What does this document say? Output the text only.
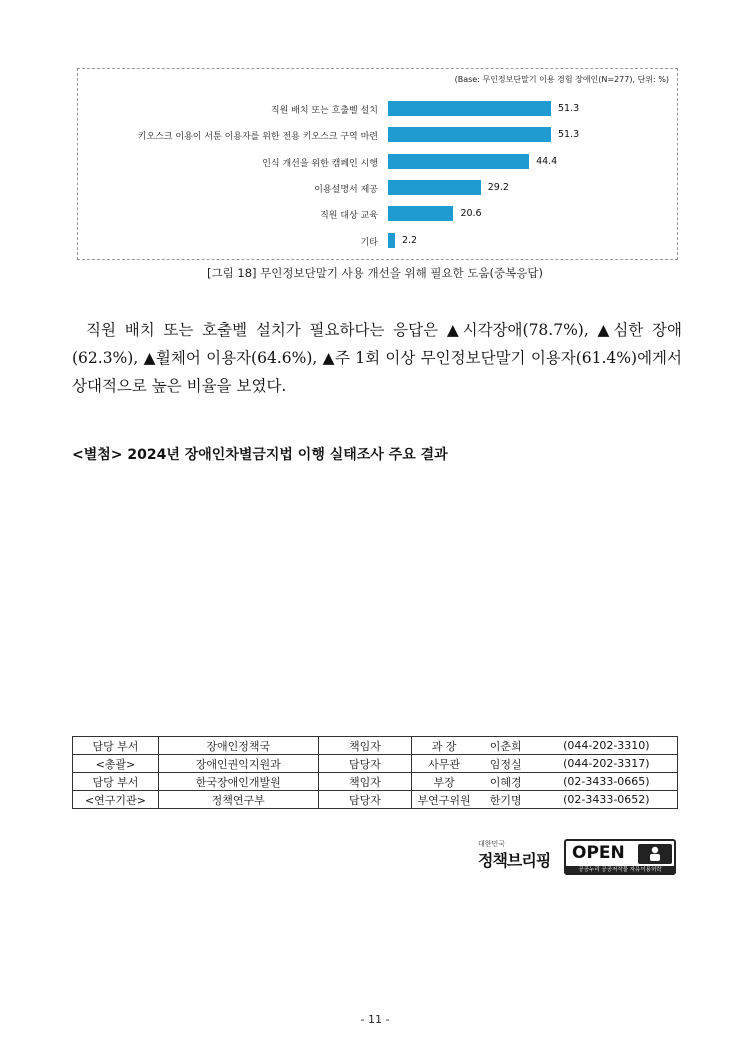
(Base: 무인정보단말기 이용 경험 장애인(N=277), 단위: %)
직원 배치 또는 호출벨 설치	51.3
키오스크 이용이 서툰 이용자를 위한 전용 키오스크 구역 마련	51.3
인식 개선을 위한 캠페인 시행	44.4
이용설명서 제공	29.2
직원 대상 교육	20.6
기타	2.2
[그림 18] 무인정보단말기 사용 개선을 위해 필요한 도움(중복응답)

직원 배치 또는 호출벨 설치가 필요하다는 응답은 ▲시각장애(78.7%), ▲심한 장애(62.3%), ▲휠체어 이용자(64.6%), ▲주 1회 이상 무인정보단말기 이용자(61.4%)에게서 상대적으로 높은 비율을 보였다.

<별첨> 2024년 장애인차별금지법 이행 실태조사 주요 결과
담당 부서	장애인정책국	책임자	과 장	이춘희	(044-202-3310)
<총괄>	장애인권익지원과	담당자	사무관	임정실	(044-202-3317)
담당 부서	한국장애인개발원	책임자	부장	이혜경	(02-3433-0665)
<연구기관>	정책연구부	담당자	부연구위원	한기명	(02-3433-0652)
대한민국
정책브리핑 OPEN
공공누리 공공저작물 자유이용허락
- 11 -
